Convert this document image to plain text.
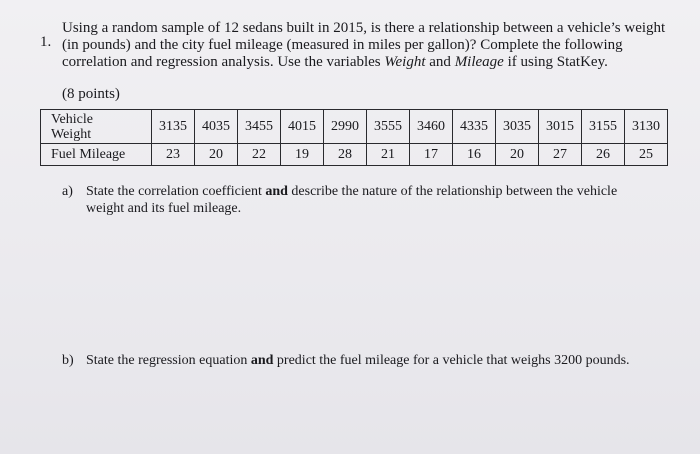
1.
Using a random sample of 12 sedans built in 2015, is there a relationship between a vehicle’s weight
(in pounds) and the city fuel mileage (measured in miles per gallon)? Complete the following
correlation and regression analysis. Use the variables Weight and Mileage if using StatKey.
(8 points)
Vehicle
Weight	3135	4035	3455	4015	2990	3555	3460	4335	3035	3015	3155	3130
Fuel Mileage	23	20	22	19	28	21	17	16	20	27	26	25
a) State the correlation coefficient and describe the nature of the relationship between the vehicle
weight and its fuel mileage.
b) State the regression equation and predict the fuel mileage for a vehicle that weighs 3200 pounds.
